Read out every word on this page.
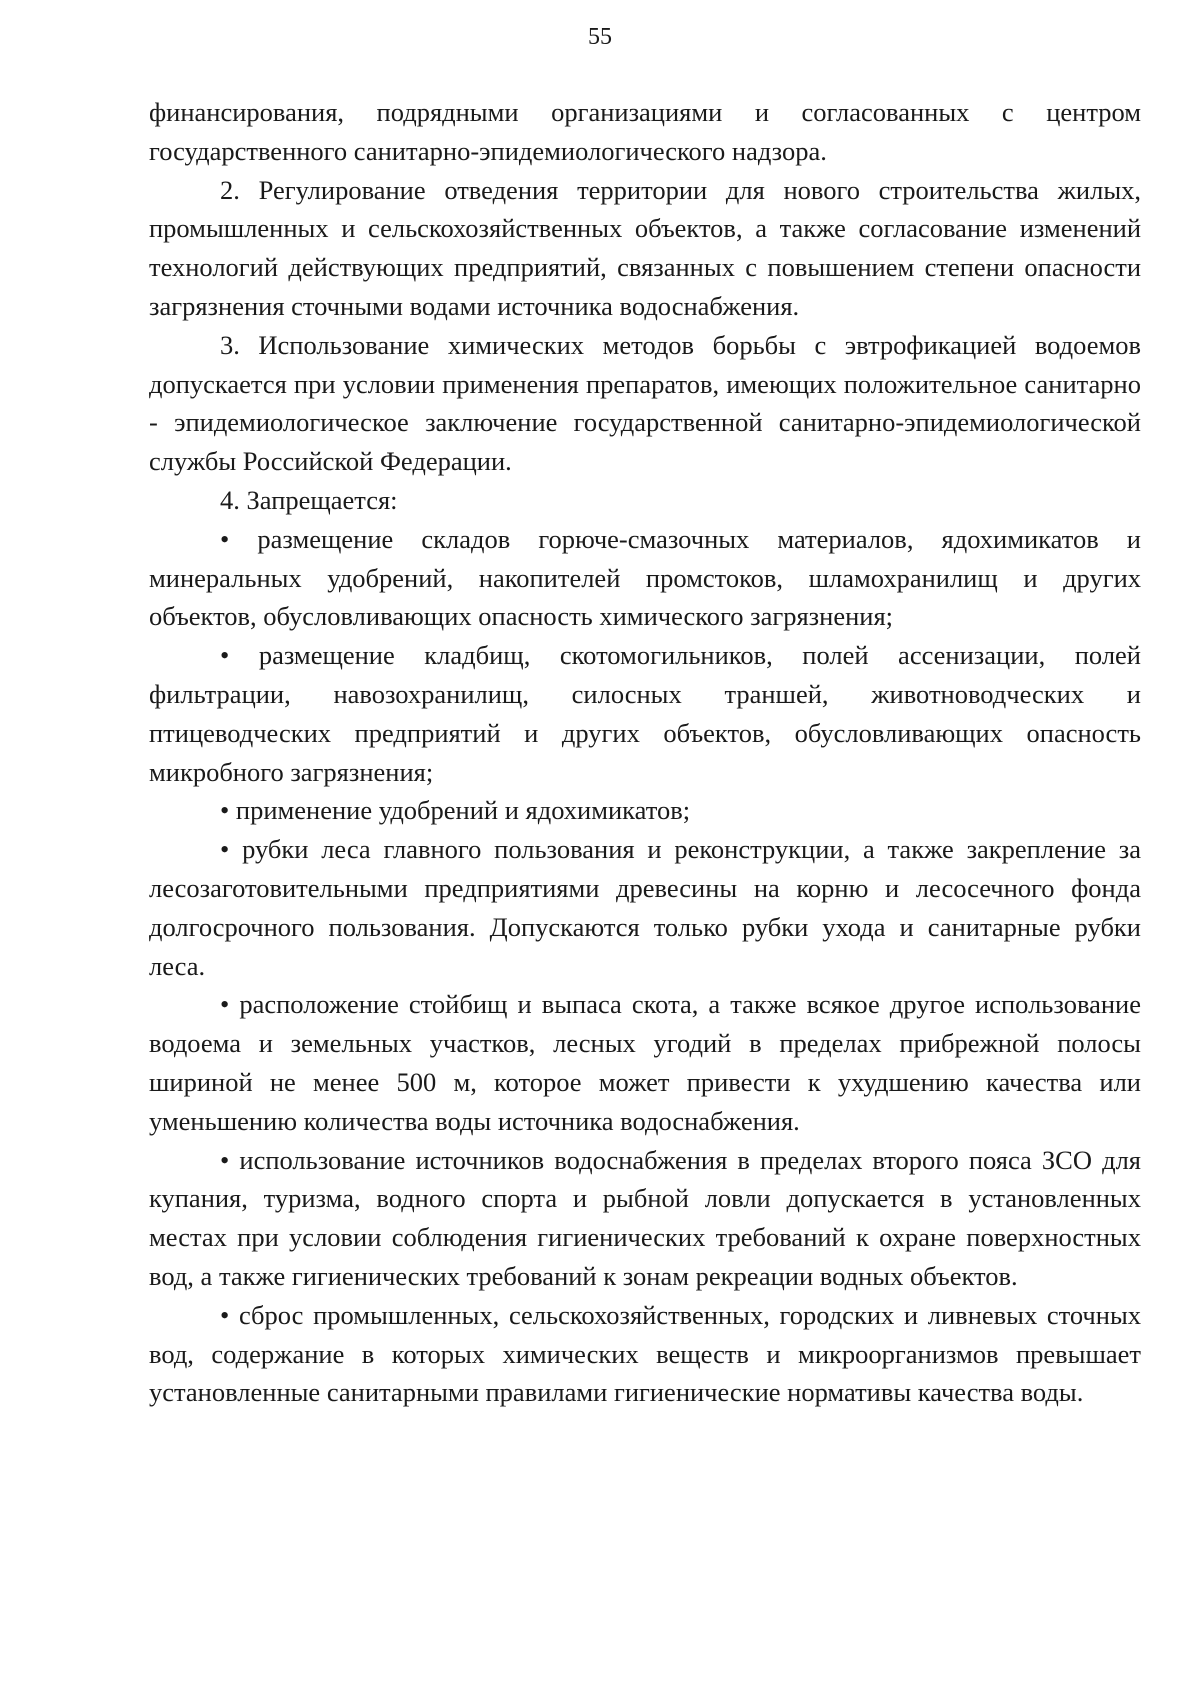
55

финансирования, подрядными организациями и согласованных с центром государственного санитарно-эпидемиологического надзора.

2. Регулирование отведения территории для нового строительства жилых, промышленных и сельскохозяйственных объектов, а также согласование изменений технологий действующих предприятий, связанных с повышением степени опасности загрязнения сточными водами источника водоснабжения.

3. Использование химических методов борьбы с эвтрофикацией водоемов допускается при условии применения препаратов, имеющих положительное санитарно - эпидемиологическое заключение государственной санитарно-эпидемиологической службы Российской Федерации.

4. Запрещается:

• размещение складов горюче-смазочных материалов, ядохимикатов и минеральных удобрений, накопителей промстоков, шламохранилищ и других объектов, обусловливающих опасность химического загрязнения;

• размещение кладбищ, скотомогильников, полей ассенизации, полей фильтрации, навозохранилищ, силосных траншей, животноводческих и птицеводческих предприятий и других объектов, обусловливающих опасность микробного загрязнения;

• применение удобрений и ядохимикатов;

• рубки леса главного пользования и реконструкции, а также закрепление за лесозаготовительными предприятиями древесины на корню и лесосечного фонда долгосрочного пользования. Допускаются только рубки ухода и санитарные рубки леса.

• расположение стойбищ и выпаса скота, а также всякое другое использование водоема и земельных участков, лесных угодий в пределах прибрежной полосы шириной не менее 500 м, которое может привести к ухудшению качества или уменьшению количества воды источника водоснабжения.

• использование источников водоснабжения в пределах второго пояса ЗСО для купания, туризма, водного спорта и рыбной ловли допускается в установленных местах при условии соблюдения гигиенических требований к охране поверхностных вод, а также гигиенических требований к зонам рекреации водных объектов.

• сброс промышленных, сельскохозяйственных, городских и ливневых сточных вод, содержание в которых химических веществ и микроорганизмов превышает установленные санитарными правилами гигиенические нормативы качества воды.
